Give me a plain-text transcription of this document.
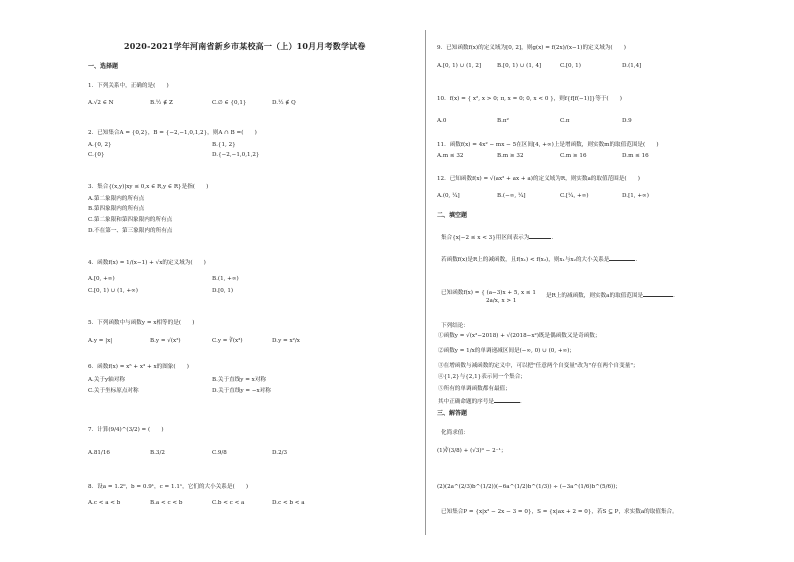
2020-2021学年河南省新乡市某校高一（上）10月月考数学试卷
一、选择题
1．下列关系中，正确的是(　　)
A.√2 ∈ N	B.½ ∉ Z	C.∅ ∈ {0,1}	D.½ ∉ Q
2．已知集合A = {0,2}，B = {−2,−1,0,1,2}，则A ∩ B =(　　)
A.{0, 2}	B.{1, 2}
C.{0}	D.{−2,−1,0,1,2}
3．集合{(x,y)|xy ≤ 0,x ∈ R,y ∈ R}是指(　　)
A.第二象限内的所有点
B.第四象限内的所有点
C.第二象限和第四象限内的所有点
D.不在第一、第三象限内的所有点
4．函数f(x) = 1/(x−1) + √x的定义域为(　　)
A.[0, +∞)	B.(1, +∞)
C.[0, 1) ∪ (1, +∞)	D.[0, 1)
5．下列函数中与函数y = x相等的是(　　)
A.y = |x|	B.y = √(x²)	C.y = ∛(x³)	D.y = x²/x
6．函数f(x) = x⁵ + x³ + x的图象(　　)
A.关于y轴对称	B.关于直线y = x对称
C.关于坐标原点对称	D.关于直线y = −x对称
7．计算(9/4)^(3/2) = (　　)
A.81/16	B.3/2	C.9/8	D.2/3
8．设a = 1.2⁰，b = 0.9¹，c = 1.1¹，它们的大小关系是(　　)
A.c < a < b	B.a < c < b	C.b < c < a	D.c < b < a
9．已知函数f(x)的定义域为[0, 2]，则g(x) = f(2x)/(x−1)的定义域为(　　)
A.[0, 1) ∪ (1, 2]	B.[0, 1) ∪ (1, 4]	C.[0, 1)	D.(1,4]
10．f(x) = { x², x > 0; π, x = 0; 0, x < 0 }，则f{f[f(−1)]}等于(　　)
A.0	B.π²	C.π	D.9
11．函数f(x) = 4x² − mx − 5在区间[4, +∞)上是增函数，则实数m的取值范围是(　　)
A.m ≤ 32	B.m ≥ 32	C.m ≥ 16	D.m ≤ 16
12．已知函数f(x) = √(ax² + ax + a)的定义域为R，则实数a的取值范围是(　　)
A.(0, ¼]	B.(−∞, ¼]	C.[¼, +∞)	D.[1, +∞)
二、填空题
集合{x|−2 ≤ x < 3}用区间表示为	．
若函数f(x)是R上的减函数，且f(x₁) < f(x₂)，则x₁与x₂的大小关系是	．
已知函数f(x) = { (a−3)x + 5, x ≤ 1
2a/x, x > 1
是R上的减函数，则实数a的取值范围是	．
下列结论：
①函数y = √(x²−2018) + √(2018−x²)既是偶函数又是奇函数；
②函数y = 1/x的单调递减区间是(−∞, 0) ∪ (0, +∞)；
③在增函数与减函数的定义中，可以把"任意两个自变量"改为"存在两个自变量"；
④{1,2}与{2,1}表示同一个集合；
⑤所有的单调函数都有最值；
其中正确命题的序号是	．
三、解答题
化简求值：
(1)∛(3/8) + (√3)⁰ − 2⁻¹；
(2)(2a^(2/3)b^(1/2))(−6a^(1/2)b^(1/3)) ÷ (−3a^(1/6)b^(5/6))；
已知集合P = {x|x² − 2x − 3 = 0}，S = {x|ax + 2 = 0}，若S ⊆ P，求实数a的取值集合。
